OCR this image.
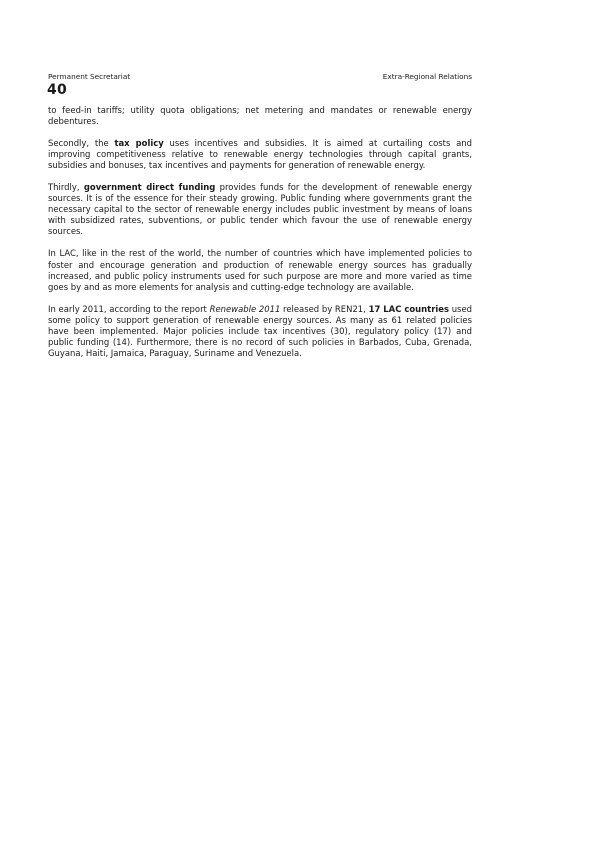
Permanent Secretariat	Extra-Regional Relations
40

to feed-in tariffs; utility quota obligations; net metering and mandates or renewable energy debentures.

Secondly, the tax policy uses incentives and subsidies. It is aimed at curtailing costs and improving competitiveness relative to renewable energy technologies through capital grants, subsidies and bonuses, tax incentives and payments for generation of renewable energy.

Thirdly, government direct funding provides funds for the development of renewable energy sources. It is of the essence for their steady growing. Public funding where governments grant the necessary capital to the sector of renewable energy includes public investment by means of loans with subsidized rates, subventions, or public tender which favour the use of renewable energy sources.

In LAC, like in the rest of the world, the number of countries which have implemented policies to foster and encourage generation and production of renewable energy sources has gradually increased, and public policy instruments used for such purpose are more and more varied as time goes by and as more elements for analysis and cutting-edge technology are available.

In early 2011, according to the report Renewable 2011 released by REN21, 17 LAC countries used some policy to support generation of renewable energy sources. As many as 61 related policies have been implemented. Major policies include tax incentives (30), regulatory policy (17) and public funding (14). Furthermore, there is no record of such policies in Barbados, Cuba, Grenada, Guyana, Haiti, Jamaica, Paraguay, Suriname and Venezuela.
